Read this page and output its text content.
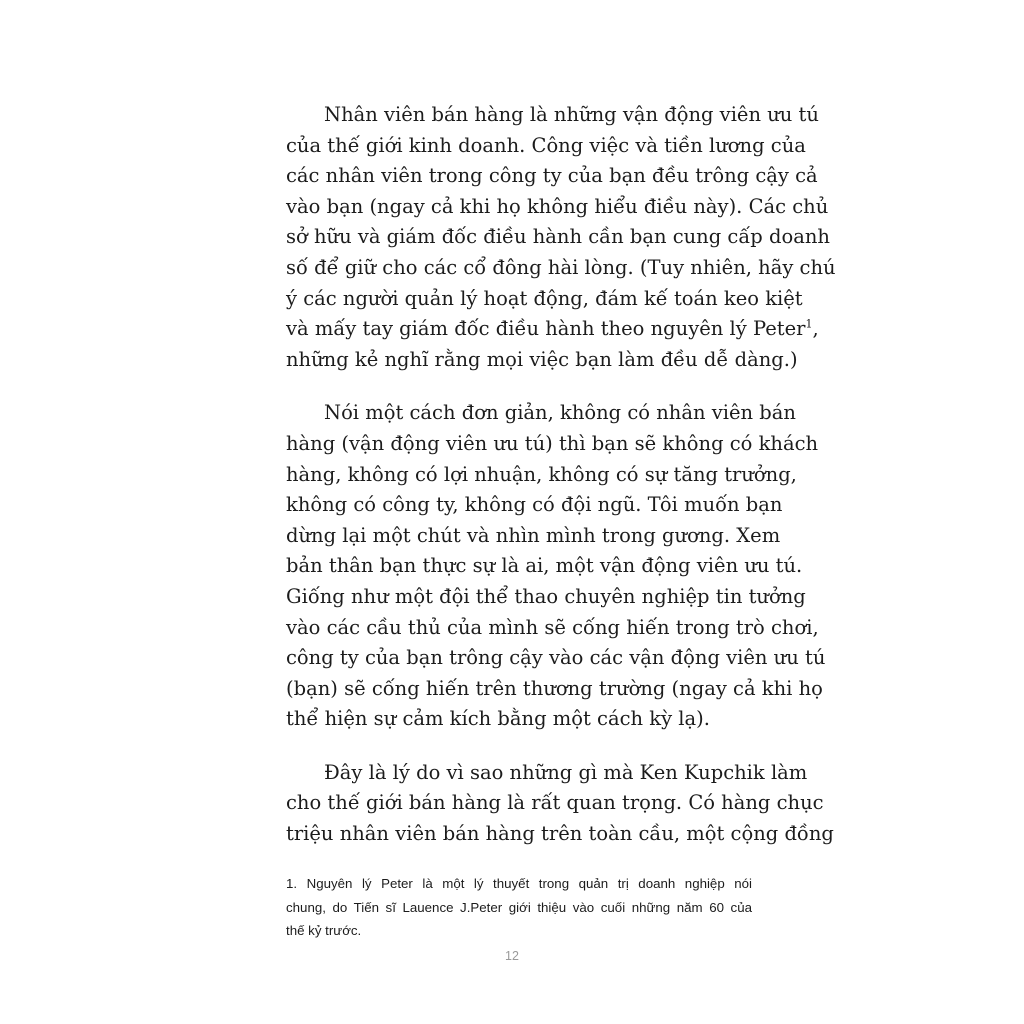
Nhân viên bán hàng là những vận động viên ưu tú
của thế giới kinh doanh. Công việc và tiền lương của
các nhân viên trong công ty của bạn đều trông cậy cả
vào bạn (ngay cả khi họ không hiểu điều này). Các chủ
sở hữu và giám đốc điều hành cần bạn cung cấp doanh
số để giữ cho các cổ đông hài lòng. (Tuy nhiên, hãy chú
ý các người quản lý hoạt động, đám kế toán keo kiệt
và mấy tay giám đốc điều hành theo nguyên lý Peter$^1$,
những kẻ nghĩ rằng mọi việc bạn làm đều dễ dàng.)
Nói một cách đơn giản, không có nhân viên bán
hàng (vận động viên ưu tú) thì bạn sẽ không có khách
hàng, không có lợi nhuận, không có sự tăng trưởng,
không có công ty, không có đội ngũ. Tôi muốn bạn
dừng lại một chút và nhìn mình trong gương. Xem
bản thân bạn thực sự là ai, một vận động viên ưu tú.
Giống như một đội thể thao chuyên nghiệp tin tưởng
vào các cầu thủ của mình sẽ cống hiến trong trò chơi,
công ty của bạn trông cậy vào các vận động viên ưu tú
(bạn) sẽ cống hiến trên thương trường (ngay cả khi họ
thể hiện sự cảm kích bằng một cách kỳ lạ).
Đây là lý do vì sao những gì mà Ken Kupchik làm
cho thế giới bán hàng là rất quan trọng. Có hàng chục
triệu nhân viên bán hàng trên toàn cầu, một cộng đồng
1. Nguyên lý Peter là một lý thuyết trong quản trị doanh nghiệp nói
chung, do Tiến sĩ Lauence J.Peter giới thiệu vào cuối những năm 60 của
thế kỷ trước.
12
